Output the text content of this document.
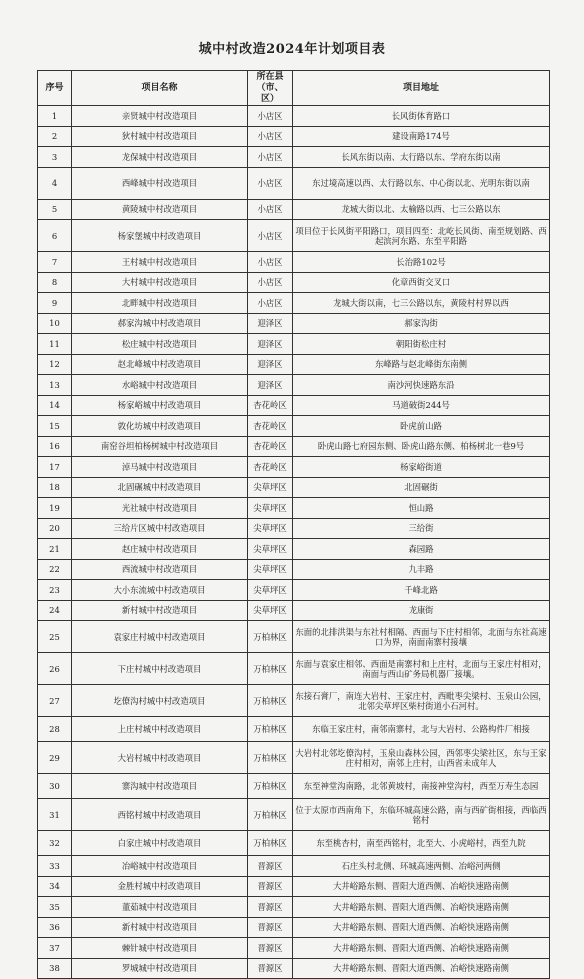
城中村改造2024年计划项目表
序号	项目名称	所在县（市、区）	项目地址
1	亲贤城中村改造项目	小店区	长风街体育路口
2	狄村城中村改造项目	小店区	建设南路174号
3	龙保城中村改造项目	小店区	长风东街以南、太行路以东、学府东街以南
4	西峰城中村改造项目	小店区	东过境高速以西、太行路以东、中心街以北、光明东街以南
5	黄陵城中村改造项目	小店区	龙城大街以北、太榆路以西、七三公路以东
6	杨家堡城中村改造项目	小店区	项目位于长风街平阳路口，项目四至：北屹长风街、南至规划路、西起滨河东路、东至平阳路
7	王村城中村改造项目	小店区	长治路102号
8	大村城中村改造项目	小店区	化章西街交叉口
9	北畔城中村改造项目	小店区	龙城大街以南，七三公路以东，黄陵村村界以西
10	郝家沟城中村改造项目	迎泽区	郝家沟街
11	松庄城中村改造项目	迎泽区	朝阳街松庄村
12	赵北峰城中村改造项目	迎泽区	东峰路与赵北峰街东南侧
13	水峪城中村改造项目	迎泽区	南沙河快速路东沿
14	杨家峪城中村改造项目	杏花岭区	马道破街244号
15	敦化坊城中村改造项目	杏花岭区	卧虎前山路
16	南窑谷坦柏杨树城中村改造项目	杏花岭区	卧虎山路七府园东侧、卧虎山路东侧、柏杨树北一巷9号
17	淖马城中村改造项目	杏花岭区	杨家峪街道
18	北固碾城中村改造项目	尖草坪区	北固碾街
19	光社城中村改造项目	尖草坪区	恒山路
20	三给片区城中村改造项目	尖草坪区	三给街
21	赵庄城中村改造项目	尖草坪区	森园路
22	西流城中村改造项目	尖草坪区	九丰路
23	大小东流城中村改造项目	尖草坪区	千峰北路
24	新村城中村改造项目	尖草坪区	龙康街
25	袁家庄村城中村改造项目	万柏林区	东面的北排洪渠与东社村相隔、西面与下庄村相邻，北面与东社高速口为界，南面南寨村接壤
26	下庄村城中村改造项目	万柏林区	东面与袁家庄相邻、西面是南寨村和上庄村，北面与王家庄村相对，南面与西山矿务局机器厂接壤。
27	圪僚沟村城中村改造项目	万柏林区	东接石膏厂，南连大岩村、王家庄村，西毗枣尖梁村、玉泉山公园，北邻尖草坪区柴村街道小石河村。
28	上庄村城中村改造项目	万柏林区	东临王家庄村，南邻南寨村，北与大岩村、公路构件厂相接
29	大岩村城中村改造项目	万柏林区	大岩村北邻圪僚沟村，玉泉山森林公园，西邻枣尖梁社区，东与王家庄村相对，南邻上庄村，山西省未成年人
30	寨沟城中村改造项目	万柏林区	东至神堂沟南路，北邻黄坡村，南接神堂沟村，西至万寿生态园
31	西铭村城中村改造项目	万柏林区	位于太原市西南角下，东临环城高速公路，南与西矿街相接，西临西铭村
32	白家庄城中村改造项目	万柏林区	东至桃杏村，南至西铭村，北至大、小虎峪村，西至九院
33	冶峪城中村改造项目	晋源区	石庄头村北侧、环城高速两侧、冶峪河两侧
34	金胜村城中村改造项目	晋源区	大井峪路东侧、晋阳大道西侧、冶峪快速路南侧
35	董茹城中村改造项目	晋源区	大井峪路东侧、晋阳大道西侧、冶峪快速路南侧
36	新村城中村改造项目	晋源区	大井峪路东侧、晋阳大道西侧、冶峪快速路南侧
37	棘针城中村改造项目	晋源区	大井峪路东侧、晋阳大道西侧、冶峪快速路南侧
38	罗城城中村改造项目	晋源区	大井峪路东侧、晋阳大道西侧、冶峪快速路南侧
